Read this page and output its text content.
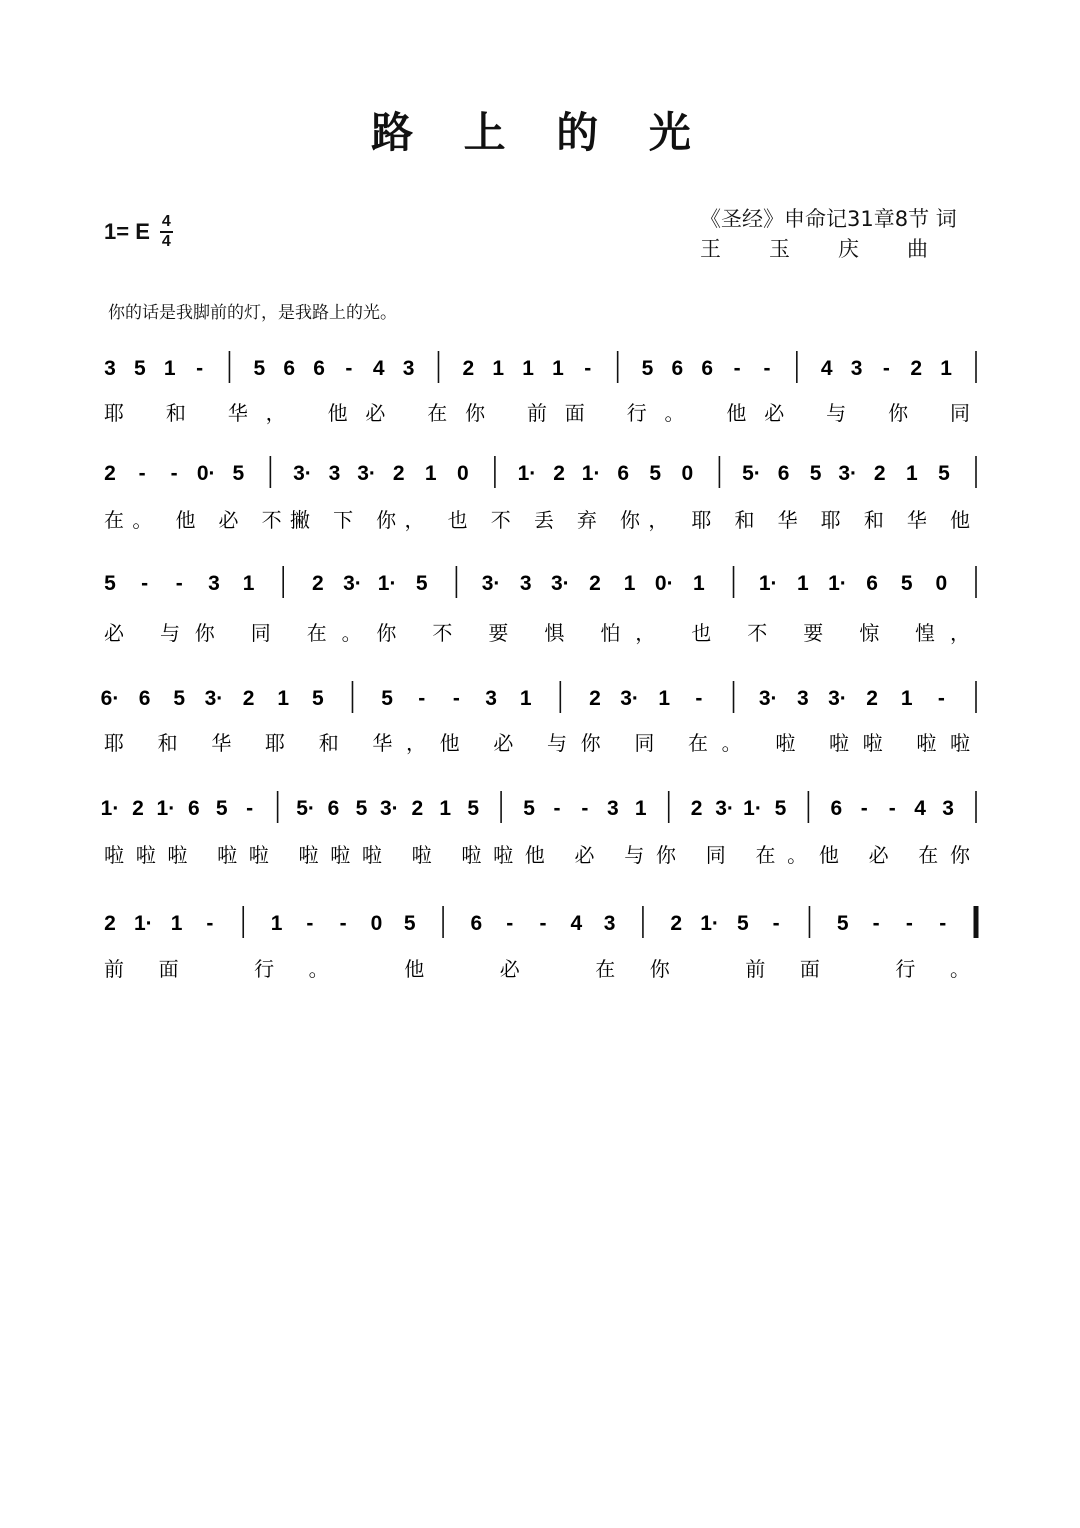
路 上 的 光
1= E 4
4
《圣经》申命记31章8节 词
王玉庆曲
你的话是我脚前的灯，是我路上的光。
3 5 1 - 5 6 6 - 4 3 2 1 1 1 - 5 6 6 - - 4 3 - 2 1
耶 和 华， 他必 在你 前面 行。 他必 与 你 同
2 - - 0· 5 3· 3 3· 2 1 0 1· 2 1· 6 5 0 5· 6 5 3· 2 1 5
在。 他 必 不撇 下 你， 也 不 丢 弃 你， 耶 和 华 耶 和 华 他
5 - - 3 1	2 3· 1· 5	3· 3 3· 2 1 0· 1	1· 1 1· 6 5 0
必 与你 同 在。你 不 要 惧 怕， 也 不 要 惊 惶，
6· 6 5 3· 2 1 5	5 - - 3 1	2 3· 1 -	3· 3 3· 2 1 -
耶 和 华 耶 和 华，他 必 与你 同 在。 啦 啦啦 啦啦
1· 2 1· 6 5 - 5· 6 5 3· 2 1 5 5 - - 3 1 2 3· 1· 5 6 - - 4 3
啦啦啦 啦啦 啦啦啦 啦 啦啦他 必 与你 同 在。他 必 在你
2 1· 1 -	1 - - 0 5	6 - - 4 3	2 1· 5 -	5 - - -
前面 行。 他 必 在你 前面 行。
